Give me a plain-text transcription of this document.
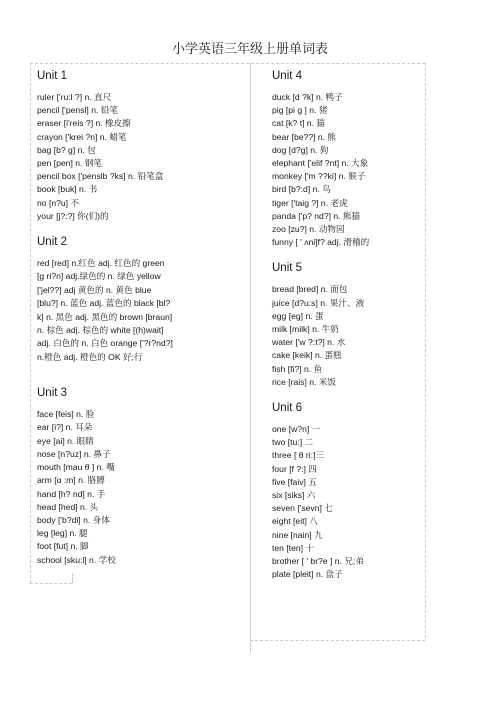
小学英语三年级上册单词表
Unit 1
ruler ['ru:l ?] n. 直尺
pencil ['pensl] n. 铅笔
eraser [i'reis ?] n. 橡皮擦
crayon ['krei ?n] n. 蜡笔
bag [b? g] n. 包
pen [pen] n. 钢笔
pencil box ['penslb ?ks] n. 铅笔盒
book [buk] n. 书
no [n?u] 不
your [j?:?] 你(们)的
Unit 2
red [red] n.红色 adj. 红色的 green
[ɡ ri?n] adj.绿色的 n. 绿色 yellow
['jel??] adj 黄色的 n. 黄色 blue
[blu?] n. 蓝色 adj. 蓝色的 black [bl?
k] n. 黑色 adj. 黑色的 brown [braun]
n. 棕色 adj. 棕色的 white [(h)wait]
adj. 白色的 n. 白色 orange ['?r?nd?]
n.橙色 adj. 橙色的 OK 好;行
Unit 3
face [feis] n. 脸
ear [i?] n. 耳朵
eye [ai] n. 眼睛
nose [n?uz] n. 鼻子
mouth [mau θ ] n. 嘴
arm [ɑ :m] n. 胳膊
hand [h? nd] n. 手
head [hed] n. 头
body ['b?di] n. 身体
leg [leg] n. 腿
foot [fut] n. 脚
school [sku:l] n. 学校
Unit 4
duck [d ?k] n. 鸭子
pig [pi ɡ ] n. 猪
cat [k? t] n. 猫
bear [be??] n. 熊
dog [d?g] n. 狗
elephant ['elif ?nt] n. 大象
monkey ['m ??ki] n. 猴子
bird [b?:d] n. 鸟
tiger ['taig ?] n. 老虎
panda ['p? nd?] n. 熊猫
zoo [zu?] n. 动物园
funny [ ' ʌni]f? adj. 滑稽的
Unit 5
bread [bred] n. 面包
juice [d?u:s] n. 果汁、液
egg [eg] n. 蛋
milk [milk] n. 牛奶
water ['w ?:t?] n. 水
cake [keik] n. 蛋糕
fish [fi?] n. 鱼
rice [rais] n. 米饭
Unit 6
one [w?n] 一
two [tu:] 二
three [ θ ri:]三
four [f ?:] 四
five [faiv] 五
six [siks] 六
seven ['sevn] 七
eight [eit] 八
nine [nain] 九
ten [ten] 十
brother [ ' br?e ] n. 兄;弟
plate [pleit] n. 盘子
